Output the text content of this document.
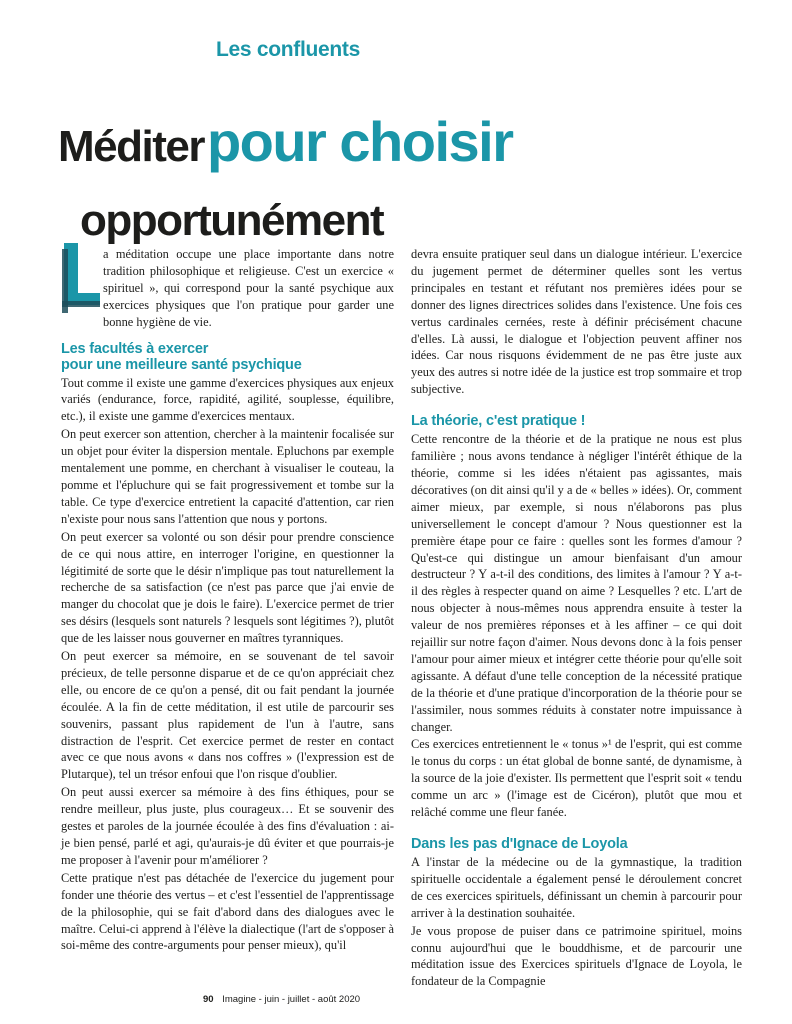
Les confluents
Méditer pour choisir
opportunément

a méditation occupe une place importante dans notre tradition philosophique et religieuse. C'est un exercice « spirituel », qui correspond pour la santé psychique aux exercices physiques que l'on pratique pour garder une bonne hygiène de vie.

Les facultés à exercer
pour une meilleure santé psychique

Tout comme il existe une gamme d'exercices physiques aux enjeux variés (endurance, force, rapidité, agilité, souplesse, équilibre, etc.), il existe une gamme d'exercices mentaux.

On peut exercer son attention, chercher à la maintenir focalisée sur un objet pour éviter la dispersion mentale. Epluchons par exemple mentalement une pomme, en cherchant à visualiser le couteau, la pomme et l'épluchure qui se fait progressivement et tombe sur la table. Ce type d'exercice entretient la capacité d'attention, car rien n'existe pour nous sans l'attention que nous y portons.

On peut exercer sa volonté ou son désir pour prendre conscience de ce qui nous attire, en interroger l'origine, en questionner la légitimité de sorte que le désir n'implique pas tout naturellement la recherche de sa satisfaction (ce n'est pas parce que j'ai envie de manger du chocolat que je dois le faire). L'exercice permet de trier ses désirs (lesquels sont naturels ? lesquels sont légitimes ?), plutôt que de les laisser nous gouverner en maîtres tyranniques.

On peut exercer sa mémoire, en se souvenant de tel savoir précieux, de telle personne disparue et de ce qu'on appréciait chez elle, ou encore de ce qu'on a pensé, dit ou fait pendant la journée écoulée. A la fin de cette méditation, il est utile de parcourir ses souvenirs, passant plus rapidement de l'un à l'autre, sans distraction de l'esprit. Cet exercice permet de rester en contact avec ce que nous avons « dans nos coffres » (l'expression est de Plutarque), tel un trésor enfoui que l'on risque d'oublier.

On peut aussi exercer sa mémoire à des fins éthiques, pour se rendre meilleur, plus juste, plus courageux… Et se souvenir des gestes et paroles de la journée écoulée à des fins d'évaluation : ai-je bien pensé, parlé et agi, qu'aurais-je dû éviter et que pourrais-je me proposer à l'avenir pour m'améliorer ?

Cette pratique n'est pas détachée de l'exercice du jugement pour fonder une théorie des vertus – et c'est l'essentiel de l'apprentissage de la philosophie, qui se fait d'abord dans des dialogues avec le maître. Celui-ci apprend à l'élève la dialectique (l'art de s'opposer à soi-même des contre-arguments pour penser mieux), qu'il

devra ensuite pratiquer seul dans un dialogue intérieur. L'exercice du jugement permet de déterminer quelles sont les vertus principales en testant et réfutant nos premières idées pour se donner des lignes directrices solides dans l'existence. Une fois ces vertus cardinales cernées, reste à définir précisément chacune d'elles. Là aussi, le dialogue et l'objection peuvent affiner nos idées. Car nous risquons évidemment de ne pas être juste aux yeux des autres si notre idée de la justice est trop sommaire et trop subjective.

La théorie, c'est pratique !

Cette rencontre de la théorie et de la pratique ne nous est plus familière ; nous avons tendance à négliger l'intérêt éthique de la théorie, comme si les idées n'étaient pas agissantes, mais décoratives (on dit ainsi qu'il y a de « belles » idées). Or, comment aimer mieux, par exemple, si nous n'élaborons pas plus universellement le concept d'amour ? Nous questionner est la première étape pour ce faire : quelles sont les formes d'amour ? Qu'est-ce qui distingue un amour bienfaisant d'un amour destructeur ? Y a-t-il des conditions, des limites à l'amour ? Y a-t-il des règles à respecter quand on aime ? Lesquelles ? etc. L'art de nous objecter à nous-mêmes nous apprendra ensuite à tester la valeur de nos premières réponses et à les affiner – ce qui doit rejaillir sur notre façon d'aimer. Nous devons donc à la fois penser l'amour pour aimer mieux et intégrer cette théorie pour qu'elle soit agissante. A défaut d'une telle conception de la nécessité pratique de la théorie et d'une pratique d'incorporation de la théorie pour se l'assimiler, nous sommes réduits à constater notre impuissance à changer.

Ces exercices entretiennent le « tonus »¹ de l'esprit, qui est comme le tonus du corps : un état global de bonne santé, de dynamisme, à la source de la joie d'exister. Ils permettent que l'esprit soit « tendu comme un arc » (l'image est de Cicéron), plutôt que mou et relâché comme une fleur fanée.

Dans les pas d'Ignace de Loyola

A l'instar de la médecine ou de la gymnastique, la tradition spirituelle occidentale a également pensé le déroulement concret de ces exercices spirituels, définissant un chemin à parcourir pour arriver à la destination souhaitée.

Je vous propose de puiser dans ce patrimoine spirituel, moins connu aujourd'hui que le bouddhisme, et de parcourir une méditation issue des Exercices spirituels d'Ignace de Loyola, le fondateur de la Compagnie

90 Imagine - juin - juillet - août 2020
